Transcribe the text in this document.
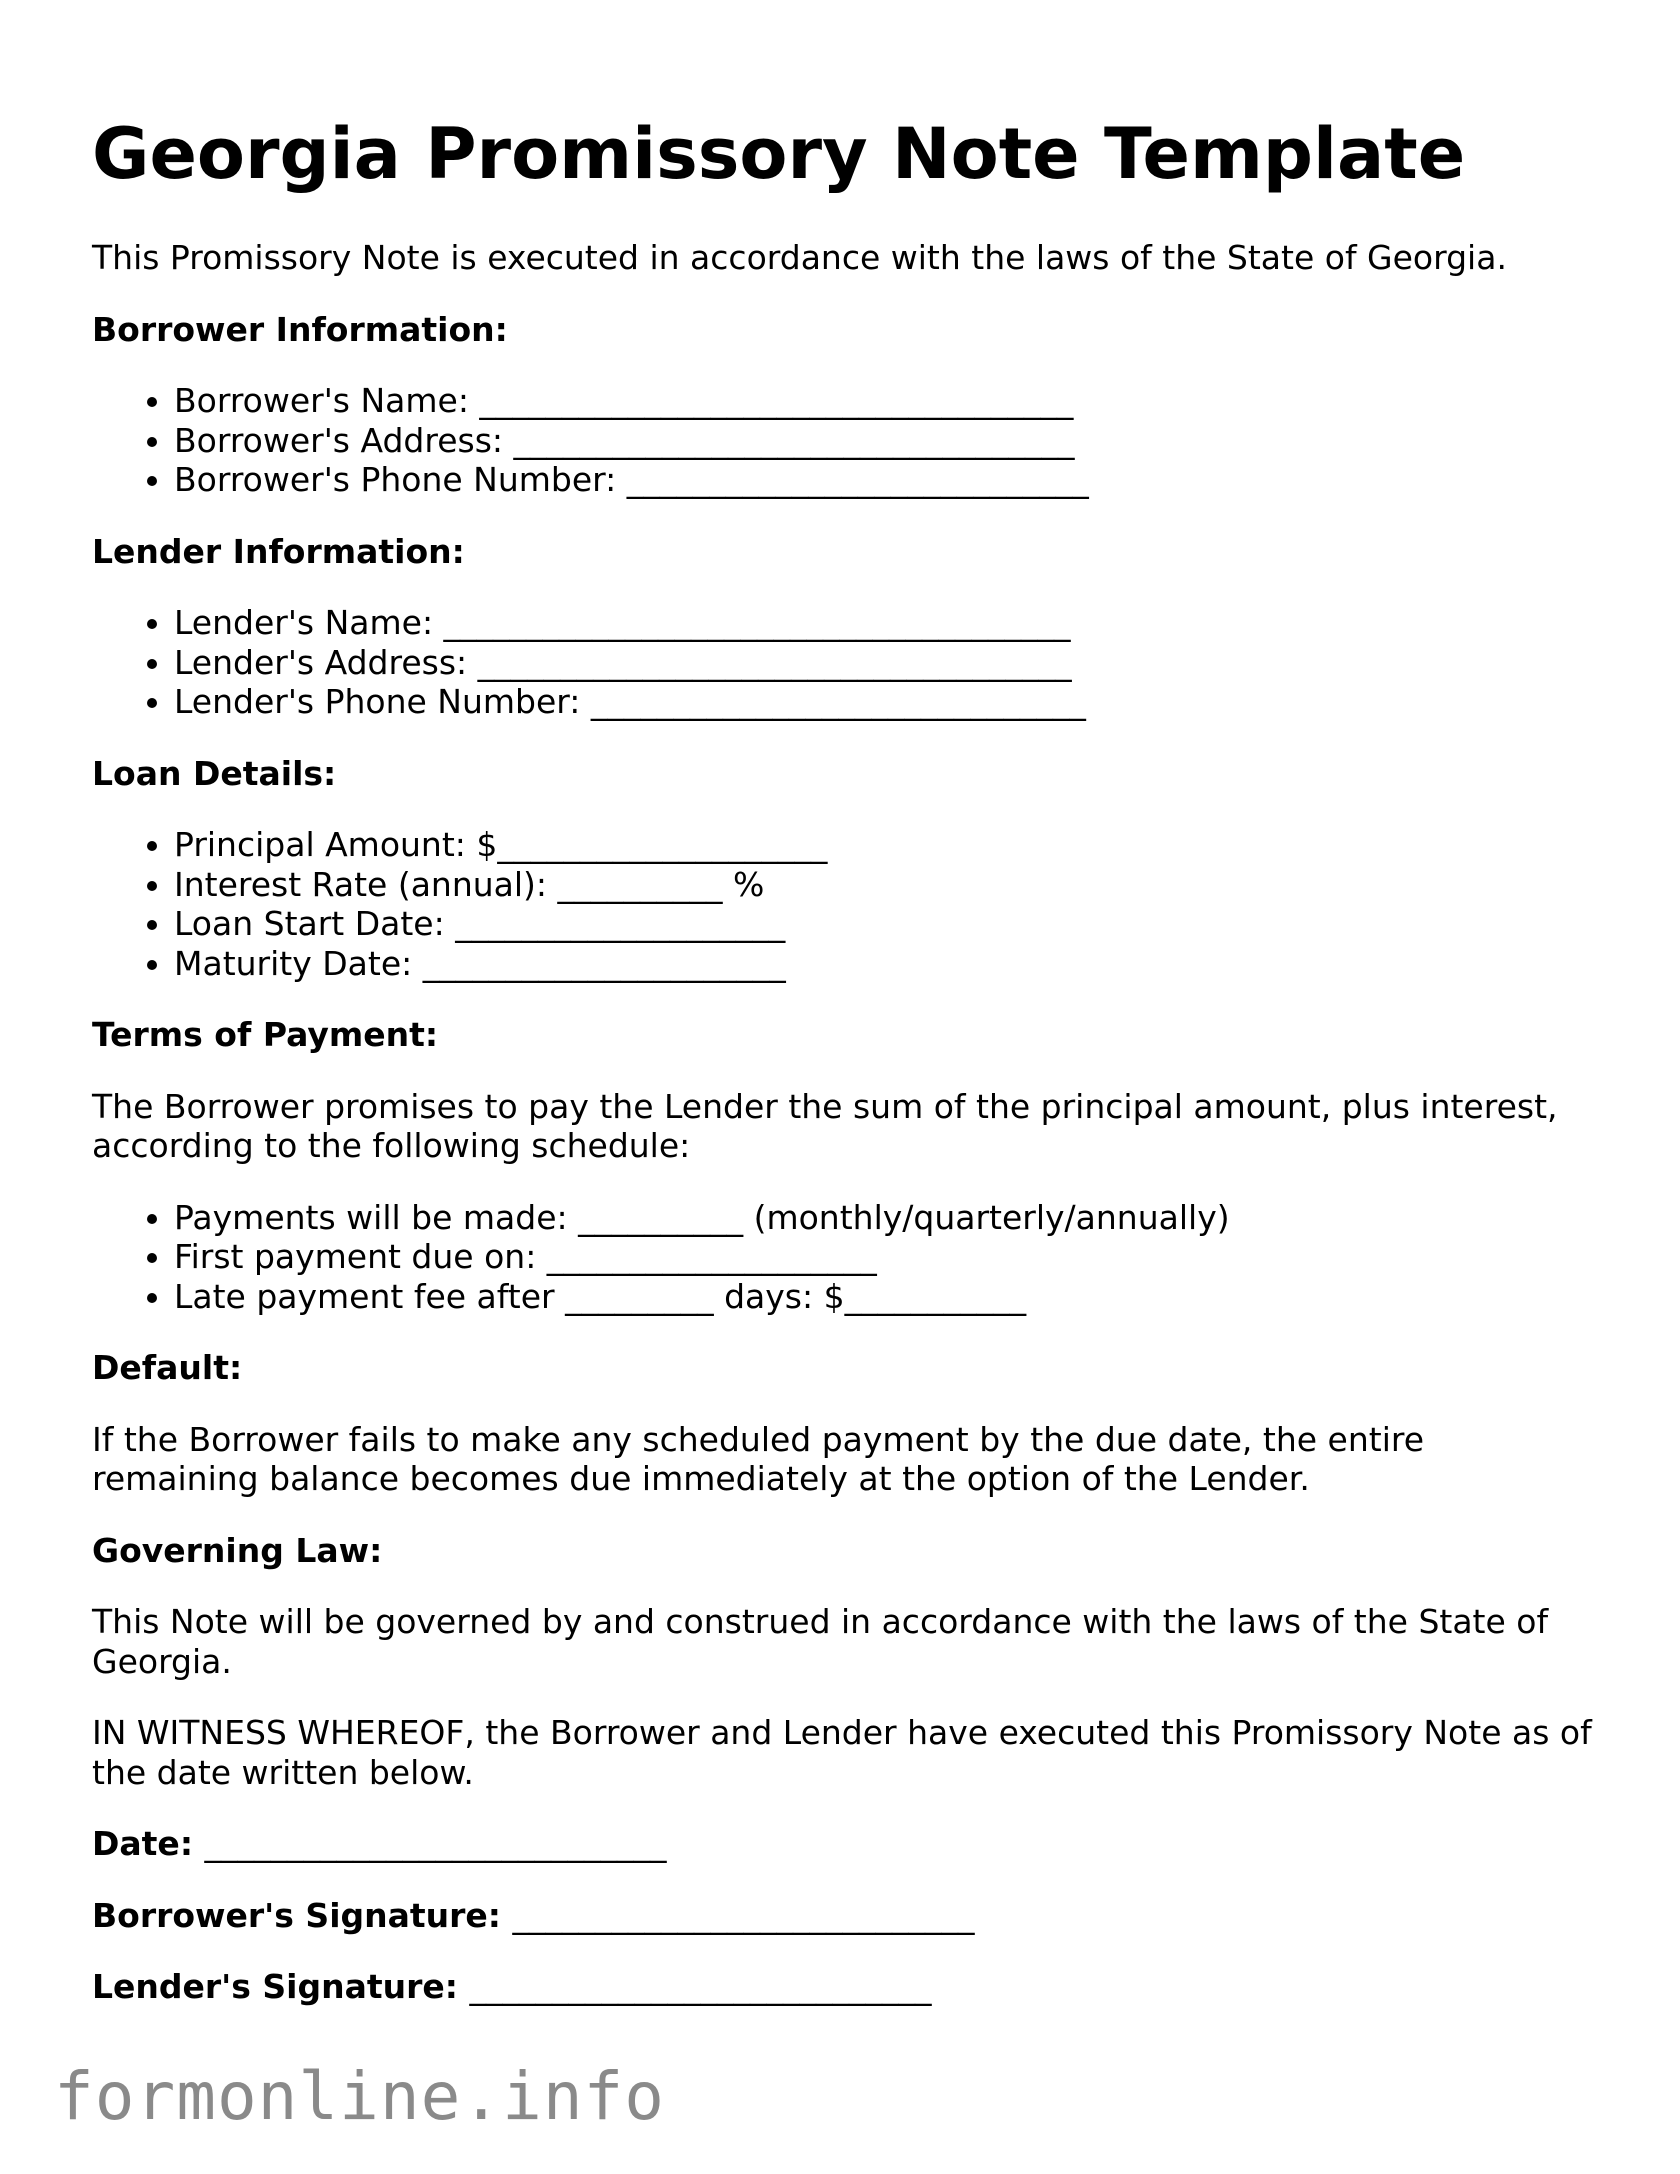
Georgia Promissory Note Template

This Promissory Note is executed in accordance with the laws of the State of Georgia.

Borrower Information:
• Borrower's Name: ____________________________________
• Borrower's Address: __________________________________
• Borrower's Phone Number: ____________________________
Lender Information:
• Lender's Name: ______________________________________
• Lender's Address: ____________________________________
• Lender's Phone Number: ______________________________
Loan Details:
• Principal Amount: $____________________
• Interest Rate (annual): __________ %
• Loan Start Date: ____________________
• Maturity Date: ______________________
Terms of Payment:

The Borrower promises to pay the Lender the sum of the principal amount, plus interest, according to the following schedule:

• Payments will be made: __________ (monthly/quarterly/annually)
• First payment due on: ____________________
• Late payment fee after _________ days: $___________
Default:

If the Borrower fails to make any scheduled payment by the due date, the entire remaining balance becomes due immediately at the option of the Lender.

Governing Law:

This Note will be governed by and construed in accordance with the laws of the State of Georgia.

IN WITNESS WHEREOF, the Borrower and Lender have executed this Promissory Note as of the date written below.

Date: ____________________________
Borrower's Signature: ____________________________
Lender's Signature: ____________________________
formonline.info
